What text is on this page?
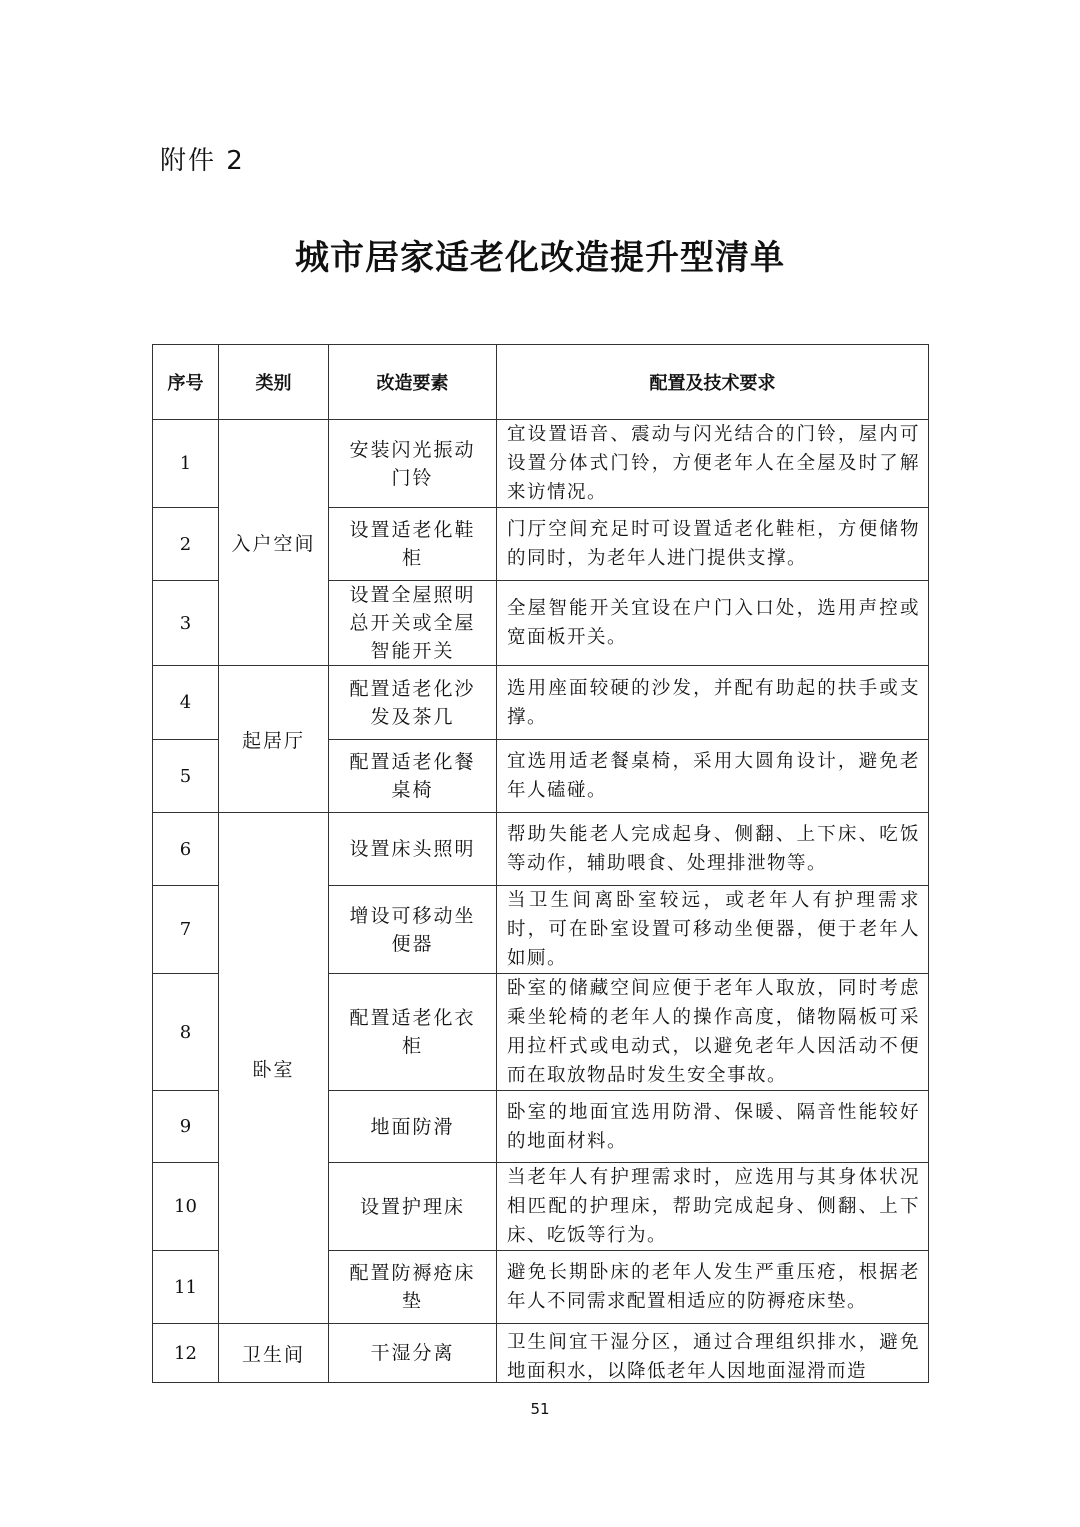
附件 2
城市居家适老化改造提升型清单
序号	类别	改造要素	配置及技术要求
1	入户空间	安装闪光振动门铃	宜设置语音、震动与闪光结合的门铃，屋内可设置分体式门铃，方便老年人在全屋及时了解来访情况。
2		设置适老化鞋柜	门厅空间充足时可设置适老化鞋柜，方便储物的同时，为老年人进门提供支撑。
3		设置全屋照明总开关或全屋智能开关	全屋智能开关宜设在户门入口处，选用声控或宽面板开关。
4	起居厅	配置适老化沙发及茶几	选用座面较硬的沙发，并配有助起的扶手或支撑。
5		配置适老化餐桌椅	宜选用适老餐桌椅，采用大圆角设计，避免老年人磕碰。
6	卧室	设置床头照明	帮助失能老人完成起身、侧翻、上下床、吃饭等动作，辅助喂食、处理排泄物等。
7		增设可移动坐便器	当卫生间离卧室较远，或老年人有护理需求时，可在卧室设置可移动坐便器，便于老年人如厕。
8		配置适老化衣柜	卧室的储藏空间应便于老年人取放，同时考虑乘坐轮椅的老年人的操作高度，储物隔板可采用拉杆式或电动式，以避免老年人因活动不便而在取放物品时发生安全事故。
9		地面防滑	卧室的地面宜选用防滑、保暖、隔音性能较好的地面材料。
10		设置护理床	当老年人有护理需求时，应选用与其身体状况相匹配的护理床，帮助完成起身、侧翻、上下床、吃饭等行为。
11		配置防褥疮床垫	避免长期卧床的老年人发生严重压疮，根据老年人不同需求配置相适应的防褥疮床垫。
12	卫生间	干湿分离	卫生间宜干湿分区，通过合理组织排水，避免地面积水，以降低老年人因地面湿滑而造
51
